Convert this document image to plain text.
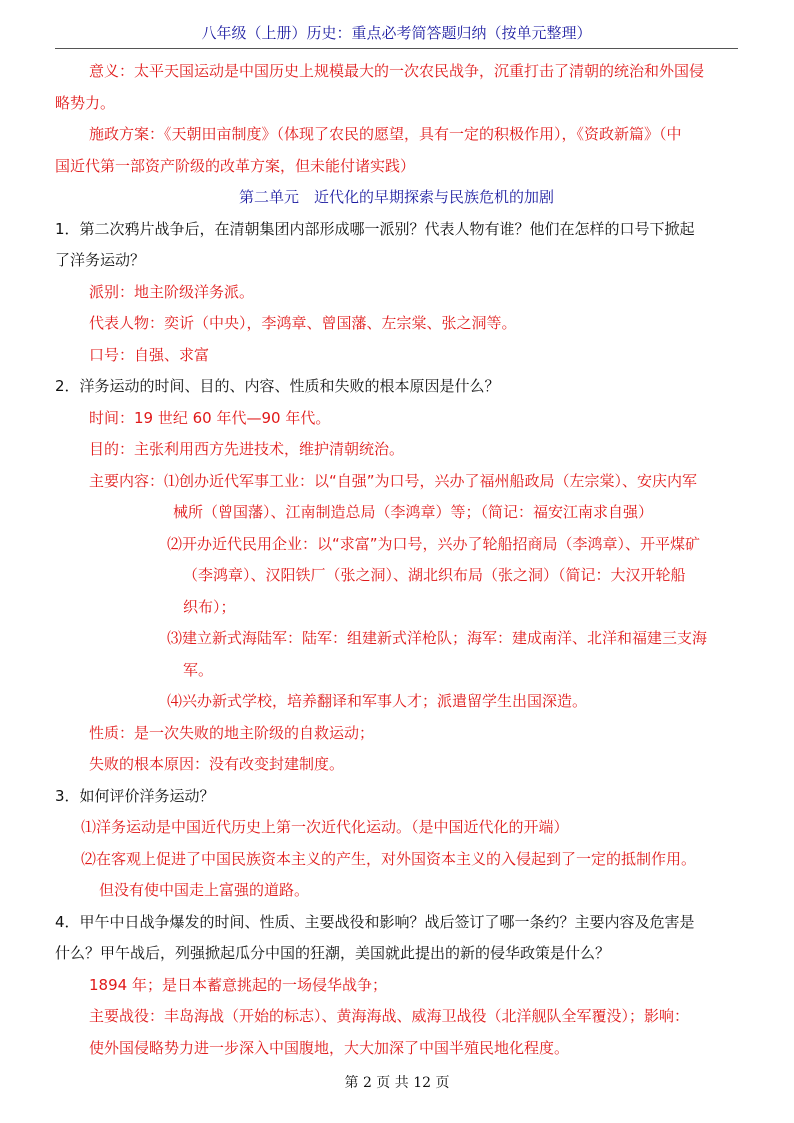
八年级（上册）历史：重点必考简答题归纳（按单元整理）
意义：太平天国运动是中国历史上规模最大的一次农民战争，沉重打击了清朝的统治和外国侵
略势力。
施政方案：《天朝田亩制度》（体现了农民的愿望，具有一定的积极作用），《资政新篇》（中
国近代第一部资产阶级的改革方案，但未能付诸实践）
第二单元　近代化的早期探索与民族危机的加剧
1．第二次鸦片战争后，在清朝集团内部形成哪一派别？代表人物有谁？他们在怎样的口号下掀起
了洋务运动？
派别：地主阶级洋务派。
代表人物：奕䜣（中央），李鸿章、曾国藩、左宗棠、张之洞等。
口号：自强、求富
2．洋务运动的时间、目的、内容、性质和失败的根本原因是什么？
时间：19 世纪 60 年代—90 年代。
目的：主张利用西方先进技术，维护清朝统治。
主要内容：⑴创办近代军事工业：以“自强”为口号，兴办了福州船政局（左宗棠）、安庆内军
械所（曾国藩）、江南制造总局（李鸿章）等；（简记：福安江南求自强）
⑵开办近代民用企业：以“求富”为口号，兴办了轮船招商局（李鸿章）、开平煤矿
（李鸿章）、汉阳铁厂（张之洞）、湖北织布局（张之洞）（简记：大汉开轮船
织布）；
⑶建立新式海陆军：陆军：组建新式洋枪队；海军：建成南洋、北洋和福建三支海
军。
⑷兴办新式学校，培养翻译和军事人才；派遣留学生出国深造。
性质：是一次失败的地主阶级的自救运动；
失败的根本原因：没有改变封建制度。
3．如何评价洋务运动？
⑴洋务运动是中国近代历史上第一次近代化运动。（是中国近代化的开端）
⑵在客观上促进了中国民族资本主义的产生，对外国资本主义的入侵起到了一定的抵制作用。
但没有使中国走上富强的道路。
4．甲午中日战争爆发的时间、性质、主要战役和影响？战后签订了哪一条约？主要内容及危害是
什么？甲午战后，列强掀起瓜分中国的狂潮，美国就此提出的新的侵华政策是什么？
1894 年；是日本蓄意挑起的一场侵华战争；
主要战役：丰岛海战（开始的标志）、黄海海战、威海卫战役（北洋舰队全军覆没）；影响：
使外国侵略势力进一步深入中国腹地，大大加深了中国半殖民地化程度。
第 2 页 共 12 页
